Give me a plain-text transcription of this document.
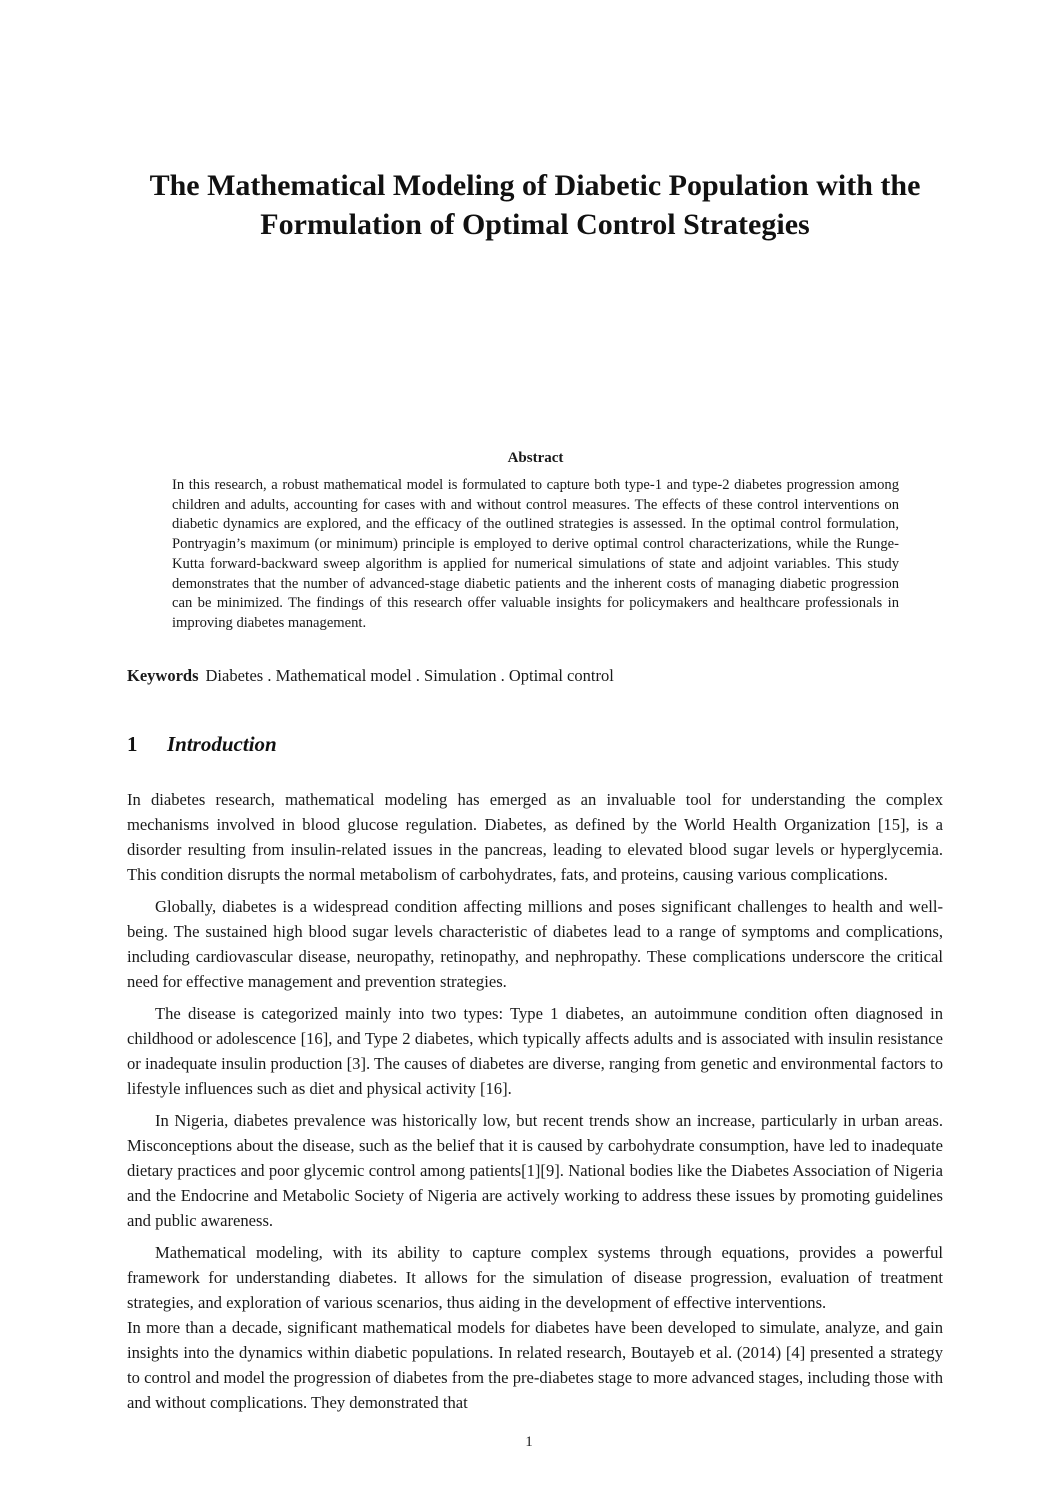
The Mathematical Modeling of Diabetic Population with the Formulation of Optimal Control Strategies
Abstract

In this research, a robust mathematical model is formulated to capture both type-1 and type-2 diabetes progression among children and adults, accounting for cases with and without control measures. The effects of these control interventions on diabetic dynamics are explored, and the efficacy of the outlined strategies is assessed. In the optimal control formulation, Pontryagin’s maximum (or minimum) principle is employed to derive optimal control characterizations, while the Runge-Kutta forward-backward sweep algorithm is applied for numerical simulations of state and adjoint variables. This study demonstrates that the number of advanced-stage diabetic patients and the inherent costs of managing diabetic progression can be minimized. The findings of this research offer valuable insights for policymakers and healthcare professionals in improving diabetes management.

Keywords Diabetes . Mathematical model . Simulation . Optimal control

1 Introduction

In diabetes research, mathematical modeling has emerged as an invaluable tool for understanding the complex mechanisms involved in blood glucose regulation. Diabetes, as defined by the World Health Organization [15], is a disorder resulting from insulin-related issues in the pancreas, leading to elevated blood sugar levels or hyperglycemia. This condition disrupts the normal metabolism of carbohydrates, fats, and proteins, causing various complications.

Globally, diabetes is a widespread condition affecting millions and poses significant challenges to health and well-being. The sustained high blood sugar levels characteristic of diabetes lead to a range of symptoms and complications, including cardiovascular disease, neuropathy, retinopathy, and nephropathy. These complications underscore the critical need for effective management and prevention strategies.

The disease is categorized mainly into two types: Type 1 diabetes, an autoimmune condition often diagnosed in childhood or adolescence [16], and Type 2 diabetes, which typically affects adults and is associated with insulin resistance or inadequate insulin production [3]. The causes of diabetes are diverse, ranging from genetic and environmental factors to lifestyle influences such as diet and physical activity [16].

In Nigeria, diabetes prevalence was historically low, but recent trends show an increase, particularly in urban areas. Misconceptions about the disease, such as the belief that it is caused by carbohydrate consumption, have led to inadequate dietary practices and poor glycemic control among patients[1][9]. National bodies like the Diabetes Association of Nigeria and the Endocrine and Metabolic Society of Nigeria are actively working to address these issues by promoting guidelines and public awareness.

Mathematical modeling, with its ability to capture complex systems through equations, provides a powerful framework for understanding diabetes. It allows for the simulation of disease progression, evaluation of treatment strategies, and exploration of various scenarios, thus aiding in the development of effective interventions.

In more than a decade, significant mathematical models for diabetes have been developed to simulate, analyze, and gain insights into the dynamics within diabetic populations. In related research, Boutayeb et al. (2014) [4] presented a strategy to control and model the progression of diabetes from the pre-diabetes stage to more advanced stages, including those with and without complications. They demonstrated that

1
